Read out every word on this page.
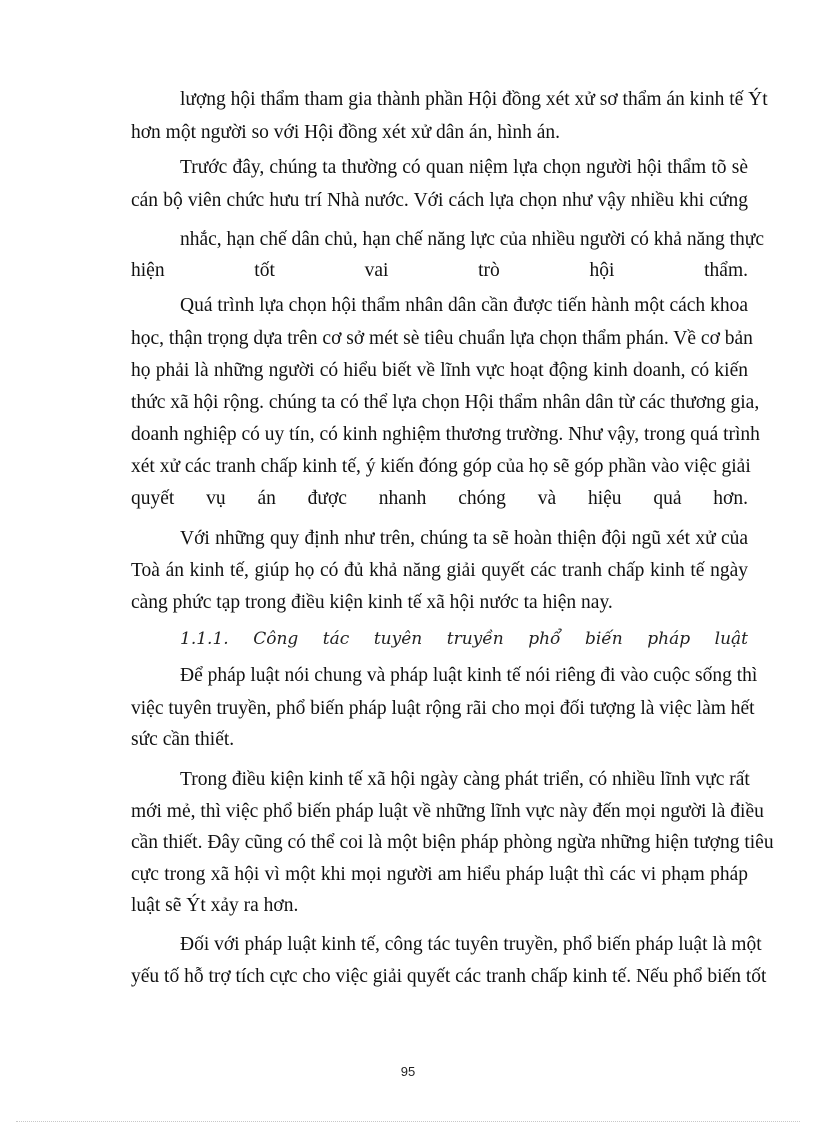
lượng hội thẩm tham gia thành phần Hội đồng xét xử sơ thẩm án kinh tế Ýt
hơn một người so với Hội đồng xét xử dân án, hình án.
Trước đây, chúng ta thường có quan niệm lựa chọn người hội thẩm tõ sè
cán bộ viên chức hưu trí Nhà nước. Với cách lựa chọn như vậy nhiều khi cứng
nhắc, hạn chế dân chủ, hạn chế năng lực của nhiều người có khả năng thực
hiện tốt vai trò hội thẩm.
Quá trình lựa chọn hội thẩm nhân dân cần được tiến hành một cách khoa
học, thận trọng dựa trên cơ sở mét sè tiêu chuẩn lựa chọn thẩm phán. Về cơ bản
họ phải là những người có hiểu biết về lĩnh vực hoạt động kinh doanh, có kiến
thức xã hội rộng. chúng ta có thể lựa chọn Hội thẩm nhân dân từ các thương gia,
doanh nghiệp có uy tín, có kinh nghiệm thương trường. Như vậy, trong quá trình
xét xử các tranh chấp kinh tế, ý kiến đóng góp của họ sẽ góp phần vào việc giải
quyết vụ án được nhanh chóng và hiệu quả hơn.
Với những quy định như trên, chúng ta sẽ hoàn thiện đội ngũ xét xử của
Toà án kinh tế, giúp họ có đủ khả năng giải quyết các tranh chấp kinh tế ngày
càng phức tạp trong điều kiện kinh tế xã hội nước ta hiện nay.
1.1.1. Công tác tuyên truyền phổ biến pháp luật
Để pháp luật nói chung và pháp luật kinh tế nói riêng đi vào cuộc sống thì
việc tuyên truyền, phổ biến pháp luật rộng rãi cho mọi đối tượng là việc làm hết
sức cần thiết.
Trong điều kiện kinh tế xã hội ngày càng phát triển, có nhiều lĩnh vực rất
mới mẻ, thì việc phổ biến pháp luật về những lĩnh vực này đến mọi người là điều
cần thiết. Đây cũng có thể coi là một biện pháp phòng ngừa những hiện tượng tiêu
cực trong xã hội vì một khi mọi người am hiểu pháp luật thì các vi phạm pháp
luật sẽ Ýt xảy ra hơn.
Đối với pháp luật kinh tế, công tác tuyên truyền, phổ biến pháp luật là một
yếu tố hỗ trợ tích cực cho việc giải quyết các tranh chấp kinh tế. Nếu phổ biến tốt
95
